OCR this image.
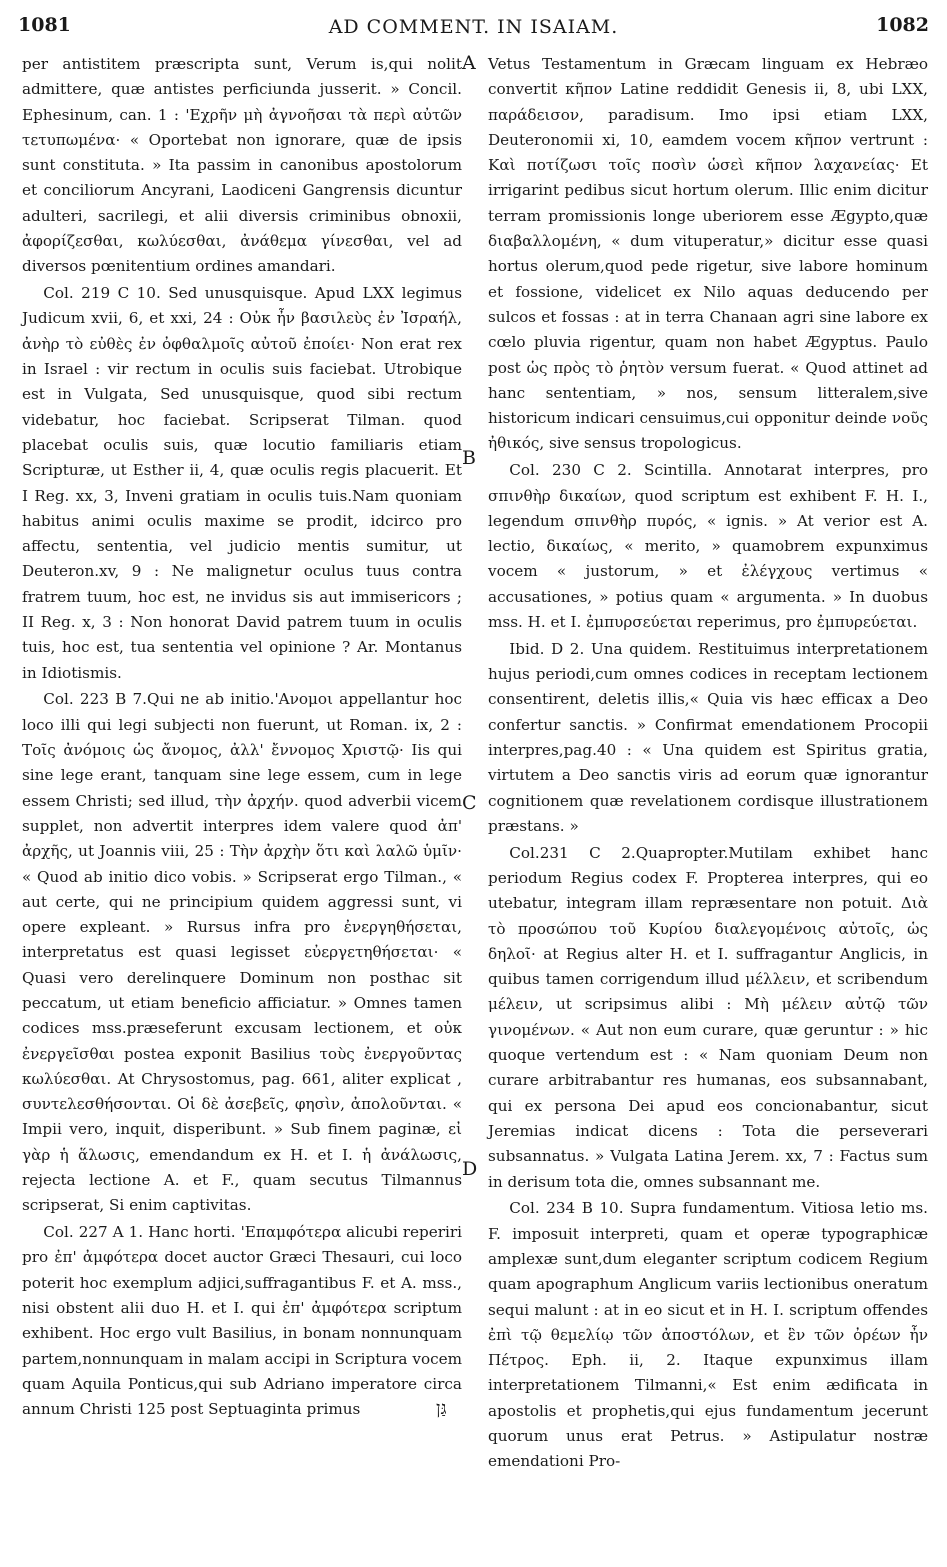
1081	AD COMMENT. IN ISAIAM.	1082

per antistitem præscripta sunt, Verum is,qui nolit admittere, quæ antistes perficiunda jusserit. » Concil. Ephesinum, can. 1 : 'Εχρῆν μὴ ἀγνοῆσαι τὰ περὶ αὐτῶν τετυπωμένα· « Oportebat non ignorare, quæ de ipsis sunt constituta. » Ita passim in canonibus apostolorum et conciliorum Ancyrani, Laodiceni Gangrensis dicuntur adulteri, sacrilegi, et alii diversis criminibus obnoxii, ἀφορίζεσθαι, κωλύεσθαι, ἀνάθεμα γίνεσθαι, vel ad diversos pœnitentium ordines amandari.

Col. 219 C 10. Sed unusquisque. Apud LXX legimus Judicum xvii, 6, et xxi, 24 : Οὐκ ἦν βασιλεὺς ἐν Ἰσραήλ, ἀνὴρ τὸ εὐθὲς ἐν ὀφθαλμοῖς αὐτοῦ ἐποίει· Non erat rex in Israel : vir rectum in oculis suis faciebat. Utrobique est in Vulgata, Sed unusquisque, quod sibi rectum videbatur, hoc faciebat. Scripserat Tilman. quod placebat oculis suis, quæ locutio familiaris etiam Scripturæ, ut Esther ii, 4, quæ oculis regis placuerit. Et I Reg. xx, 3, Inveni gratiam in oculis tuis.Nam quoniam habitus animi oculis maxime se prodit, idcirco pro affectu, sententia, vel judicio mentis sumitur, ut Deuteron.xv, 9 : Ne malignetur oculus tuus contra fratrem tuum, hoc est, ne invidus sis aut immisericors ; II Reg. x, 3 : Non honorat David patrem tuum in oculis tuis, hoc est, tua sententia vel opinione ? Ar. Montanus in Idiotismis.

Col. 223 B 7.Qui ne ab initio.'Ανομοι appellantur hoc loco illi qui legi subjecti non fuerunt, ut Roman. ix, 2 : Τοῖς ἀνόμοις ὡς ἄνομος, ἀλλ' ἔννομος Χριστῷ· Iis qui sine lege erant, tanquam sine lege essem, cum in lege essem Christi; sed illud, τὴν ἀρχήν. quod adverbii vicem supplet, non advertit interpres idem valere quod ἀπ' ἀρχῆς, ut Joannis viii, 25 : Τὴν ἀρχὴν ὅτι καὶ λαλῶ ὑμῖν· « Quod ab initio dico vobis. » Scripserat ergo Tilman., « aut certe, qui ne principium quidem aggressi sunt, vi opere expleant. » Rursus infra pro ἐνεργηθήσεται, interpretatus est quasi legisset εὐεργετηθήσεται· « Quasi vero derelinquere Dominum non posthac sit peccatum, ut etiam beneficio afficiatur. » Omnes tamen codices mss.præseferunt excusam lectionem, et οὐκ ἐνεργεῖσθαι postea exponit Basilius τοὺς ἐνεργοῦντας κωλύεσθαι. At Chrysostomus, pag. 661, aliter explicat , συντελεσθήσονται. Οἱ δὲ ἀσεβεῖς, φησὶν, ἀπολοῦνται. « Impii vero, inquit, disperibunt. » Sub finem paginæ, εἰ γὰρ ἡ ἅλωσις, emendandum ex H. et I. ἡ ἀνάλωσις, rejecta lectione A. et F., quam secutus Tilmannus scripserat, Si enim captivitas.

Col. 227 A 1. Hanc horti. 'Επαμφότερα alicubi reperiri pro ἐπ' ἀμφότερα docet auctor Græci Thesauri, cui loco poterit hoc exemplum adjici,suffragantibus F. et A. mss., nisi obstent alii duo H. et I. qui ἐπ' ἀμφότερα scriptum exhibent. Hoc ergo vult Basilius, in bonam nonnunquam partem,nonnunquam in malam accipi in Scriptura vocem quam Aquila Ponticus,qui sub Adriano imperatore circa annum Christi 125 post Septuaginta primus

A
B
C
D
גַּן

Vetus Testamentum in Græcam linguam ex Hebræo convertit κῆπον Latine reddidit Genesis ii, 8, ubi LXX, παράδεισον, paradisum. Imo ipsi etiam LXX, Deuteronomii xi, 10, eamdem vocem κῆπον vertrunt : Καὶ ποτίζωσι τοῖς ποσὶν ὡσεὶ κῆπον λαχανείας· Et irrigarint pedibus sicut hortum olerum. Illic enim dicitur terram promissionis longe uberiorem esse Ægypto,quæ διαβαλλομένη, « dum vituperatur,» dicitur esse quasi hortus olerum,quod pede rigetur, sive labore hominum et fossione, videlicet ex Nilo aquas deducendo per sulcos et fossas : at in terra Chanaan agri sine labore ex cœlo pluvia rigentur, quam non habet Ægyptus. Paulo post ὡς πρὸς τὸ ῥητὸν versum fuerat. « Quod attinet ad hanc sententiam, » nos, sensum litteralem,sive historicum indicari censuimus,cui opponitur deinde νοῦς ἠθικός, sive sensus tropologicus.

Col. 230 C 2. Scintilla. Annotarat interpres, pro σπινθὴρ δικαίων, quod scriptum est exhibent F. H. I., legendum σπινθὴρ πυρός, « ignis. » At verior est A. lectio, δικαίως, « merito, » quamobrem expunximus vocem « justorum, » et ἐλέγχους vertimus « accusationes, » potius quam « argumenta. » In duobus mss. H. et I. ἐμπυρσεύεται reperimus, pro ἐμπυρεύεται.

Ibid. D 2. Una quidem. Restituimus interpretationem hujus periodi,cum omnes codices in receptam lectionem consentirent, deletis illis,« Quia vis hæc efficax a Deo confertur sanctis. » Confirmat emendationem Procopii interpres,pag.40 : « Una quidem est Spiritus gratia, virtutem a Deo sanctis viris ad eorum quæ ignorantur cognitionem quæ revelationem cordisque illustrationem præstans. »

Col.231 C 2.Quapropter.Mutilam exhibet hanc periodum Regius codex F. Propterea interpres, qui eo utebatur, integram illam repræsentare non potuit. Διὰ τὸ προσώπου τοῦ Κυρίου διαλεγομένοις αὐτοῖς, ὡς δηλοῖ· at Regius alter H. et I. suffragantur Anglicis, in quibus tamen corrigendum illud μέλλειν, et scribendum μέλειν, ut scripsimus alibi : Μὴ μέλειν αὐτῷ τῶν γινομένων. « Aut non eum curare, quæ geruntur : » hic quoque vertendum est : « Nam quoniam Deum non curare arbitrabantur res humanas, eos subsannabant, qui ex persona Dei apud eos concionabantur, sicut Jeremias indicat dicens : Tota die perseverari subsannatus. » Vulgata Latina Jerem. xx, 7 : Factus sum in derisum tota die, omnes subsannant me.

Col. 234 B 10. Supra fundamentum. Vitiosa letio ms. F. imposuit interpreti, quam et operæ typographicæ amplexæ sunt,dum eleganter scriptum codicem Regium quam apographum Anglicum variis lectionibus oneratum sequi malunt : at in eo sicut et in H. I. scriptum offendes ἐπὶ τῷ θεμελίῳ τῶν ἀποστόλων, et ἓν τῶν ὀρέων ἦν Πέτρος. Eph. ii, 2. Itaque expunximus illam interpretationem Tilmanni,« Est enim ædificata in apostolis et prophetis,qui ejus fundamentum jecerunt quorum unus erat Petrus. » Astipulatur nostræ emendationi Pro-
